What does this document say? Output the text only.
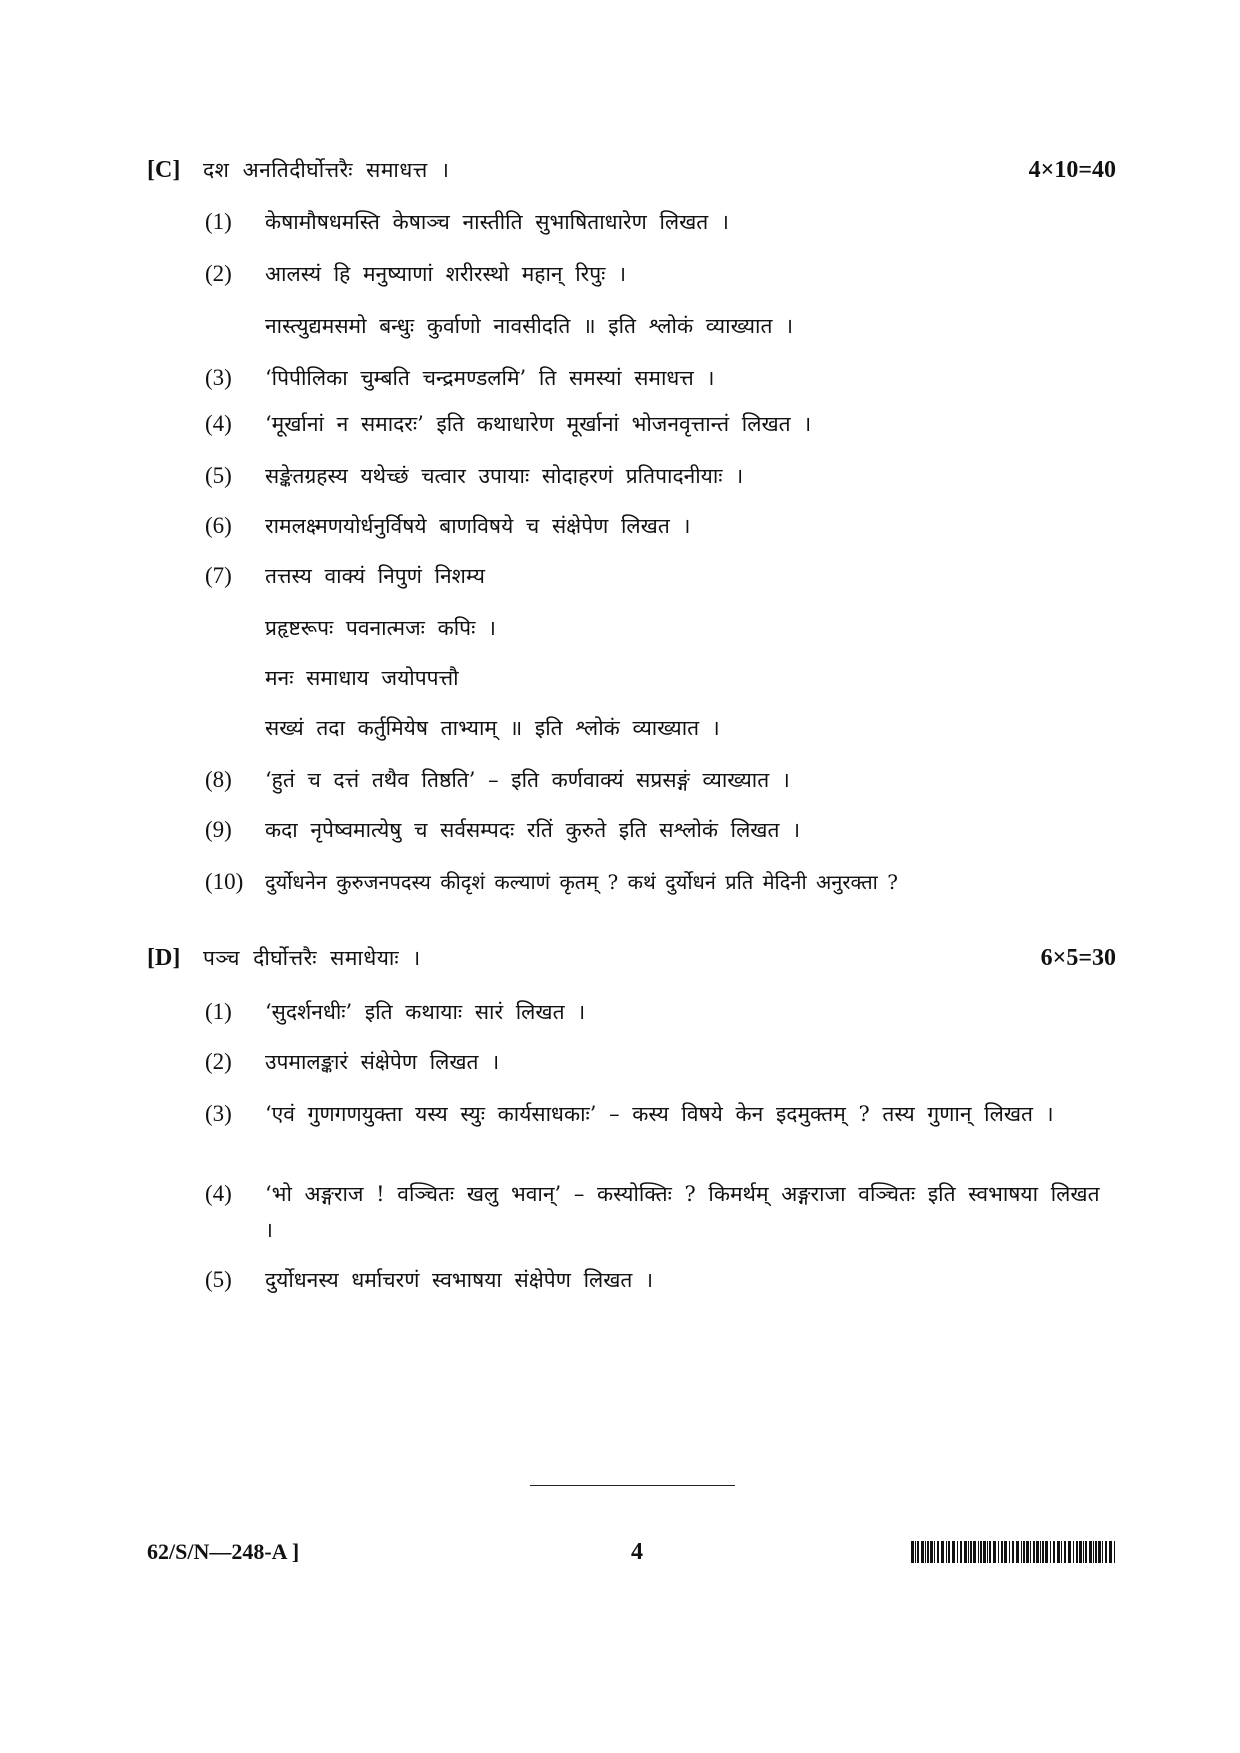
[C]	दश अनतिदीर्घोत्तरैः समाधत्त ।	4×10=40
(1)	केषामौषधमस्ति केषाञ्च नास्तीति सुभाषिताधारेण लिखत ।
(2)	आलस्यं हि मनुष्याणां शरीरस्थो महान् रिपुः ।
नास्त्युद्यमसमो बन्धुः कुर्वाणो नावसीदति ॥ इति श्लोकं व्याख्यात ।
(3)	‘पिपीलिका चुम्बति चन्द्रमण्डलमि’ ति समस्यां समाधत्त ।
(4)	‘मूर्खानां न समादरः’ इति कथाधारेण मूर्खानां भोजनवृत्तान्तं लिखत ।
(5)	सङ्केतग्रहस्य यथेच्छं चत्वार उपायाः सोदाहरणं प्रतिपादनीयाः ।
(6)	रामलक्ष्मणयोर्धनुर्विषये बाणविषये च संक्षेपेण लिखत ।
(7)	तत्तस्य वाक्यं निपुणं निशम्य
प्रहृष्टरूपः पवनात्मजः कपिः ।
मनः समाधाय जयोपपत्तौ
सख्यं तदा कर्तुमियेष ताभ्याम् ॥ इति श्लोकं व्याख्यात ।
(8)	‘हुतं च दत्तं तथैव तिष्ठति’ – इति कर्णवाक्यं सप्रसङ्गं व्याख्यात ।
(9)	कदा नृपेष्वमात्येषु च सर्वसम्पदः रतिं कुरुते इति सश्लोकं लिखत ।
(10)	दुर्योधनेन कुरुजनपदस्य कीदृशं कल्याणं कृतम् ? कथं दुर्योधनं प्रति मेदिनी अनुरक्ता ?
[D]	पञ्च दीर्घोत्तरैः समाधेयाः ।	6×5=30
(1)	‘सुदर्शनधीः’ इति कथायाः सारं लिखत ।
(2)	उपमालङ्कारं संक्षेपेण लिखत ।
(3)	‘एवं गुणगणयुक्ता यस्य स्युः कार्यसाधकाः’ – कस्य विषये केन इदमुक्तम् ? तस्य गुणान् लिखत ।
(4)	‘भो अङ्गराज ! वञ्चितः खलु भवान्’ – कस्योक्तिः ? किमर्थम् अङ्गराजा वञ्चितः इति स्वभाषया लिखत ।
(5)	दुर्योधनस्य धर्माचरणं स्वभाषया संक्षेपेण लिखत ।
62/S/N—248-A ]	4
